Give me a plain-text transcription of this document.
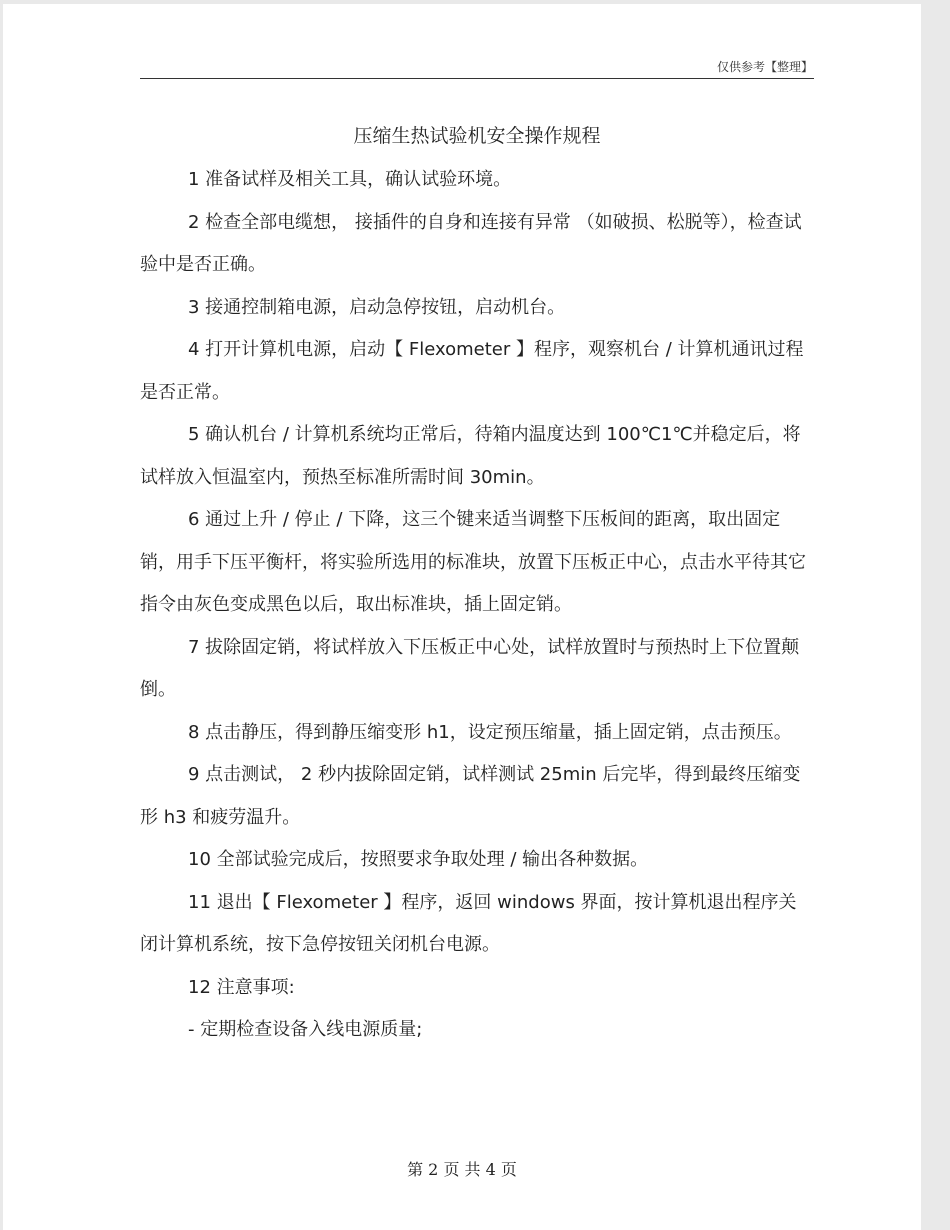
仅供参考【整理】
压缩生热试验机安全操作规程

1 准备试样及相关工具，确认试验环境。

2 检查全部电缆想， 接插件的自身和连接有异常 （如破损、松脱等），检查试验中是否正确。

3 接通控制箱电源，启动急停按钮，启动机台。

4 打开计算机电源，启动【 Flexometer 】程序，观察机台 / 计算机通讯过程是否正常。

5 确认机台 / 计算机系统均正常后，待箱内温度达到 100℃1℃并稳定后，将试样放入恒温室内，预热至标准所需时间 30min。

6 通过上升 / 停止 / 下降，这三个键来适当调整下压板间的距离，取出固定销，用手下压平衡杆，将实验所选用的标准块，放置下压板正中心，点击水平待其它指令由灰色变成黑色以后，取出标准块，插上固定销。

7 拔除固定销，将试样放入下压板正中心处，试样放置时与预热时上下位置颠倒。

8 点击静压，得到静压缩变形 h1，设定预压缩量，插上固定销，点击预压。

9 点击测试， 2 秒内拔除固定销，试样测试 25min 后完毕，得到最终压缩变形 h3 和疲劳温升。

10 全部试验完成后，按照要求争取处理 / 输出各种数据。

11 退出【 Flexometer 】程序，返回 windows 界面，按计算机退出程序关闭计算机系统，按下急停按钮关闭机台电源。

12 注意事项:

- 定期检查设备入线电源质量;

第 2 页 共 4 页
